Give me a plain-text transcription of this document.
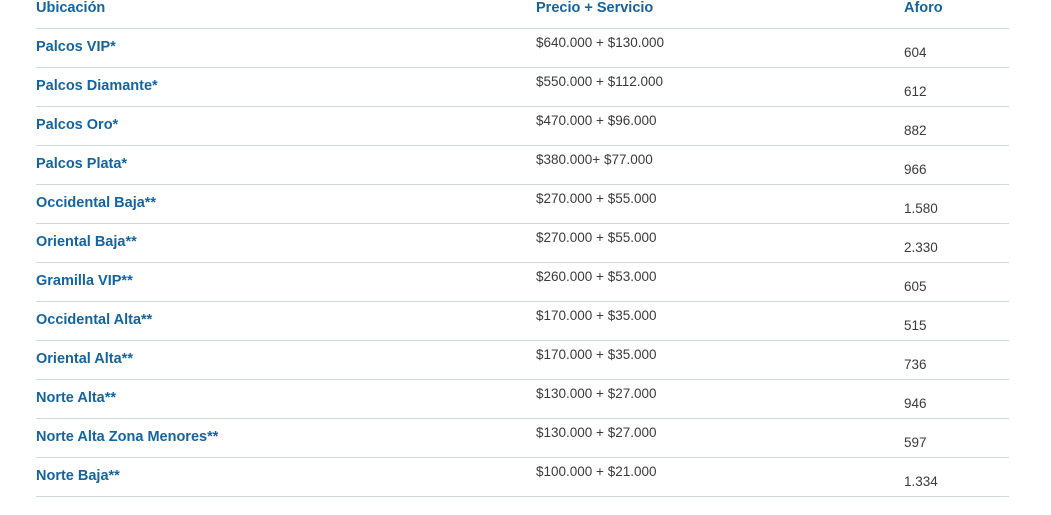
Ubicación	Precio + Servicio	Aforo
Palcos VIP*	$640.000 + $130.000	604
Palcos Diamante*	$550.000 + $112.000	612
Palcos Oro*	$470.000 + $96.000	882
Palcos Plata*	$380.000+ $77.000	966
Occidental Baja**	$270.000 + $55.000	1.580
Oriental Baja**	$270.000 + $55.000	2.330
Gramilla VIP**	$260.000 + $53.000	605
Occidental Alta**	$170.000 + $35.000	515
Oriental Alta**	$170.000 + $35.000	736
Norte Alta**	$130.000 + $27.000	946
Norte Alta Zona Menores**	$130.000 + $27.000	597
Norte Baja**	$100.000 + $21.000	1.334
